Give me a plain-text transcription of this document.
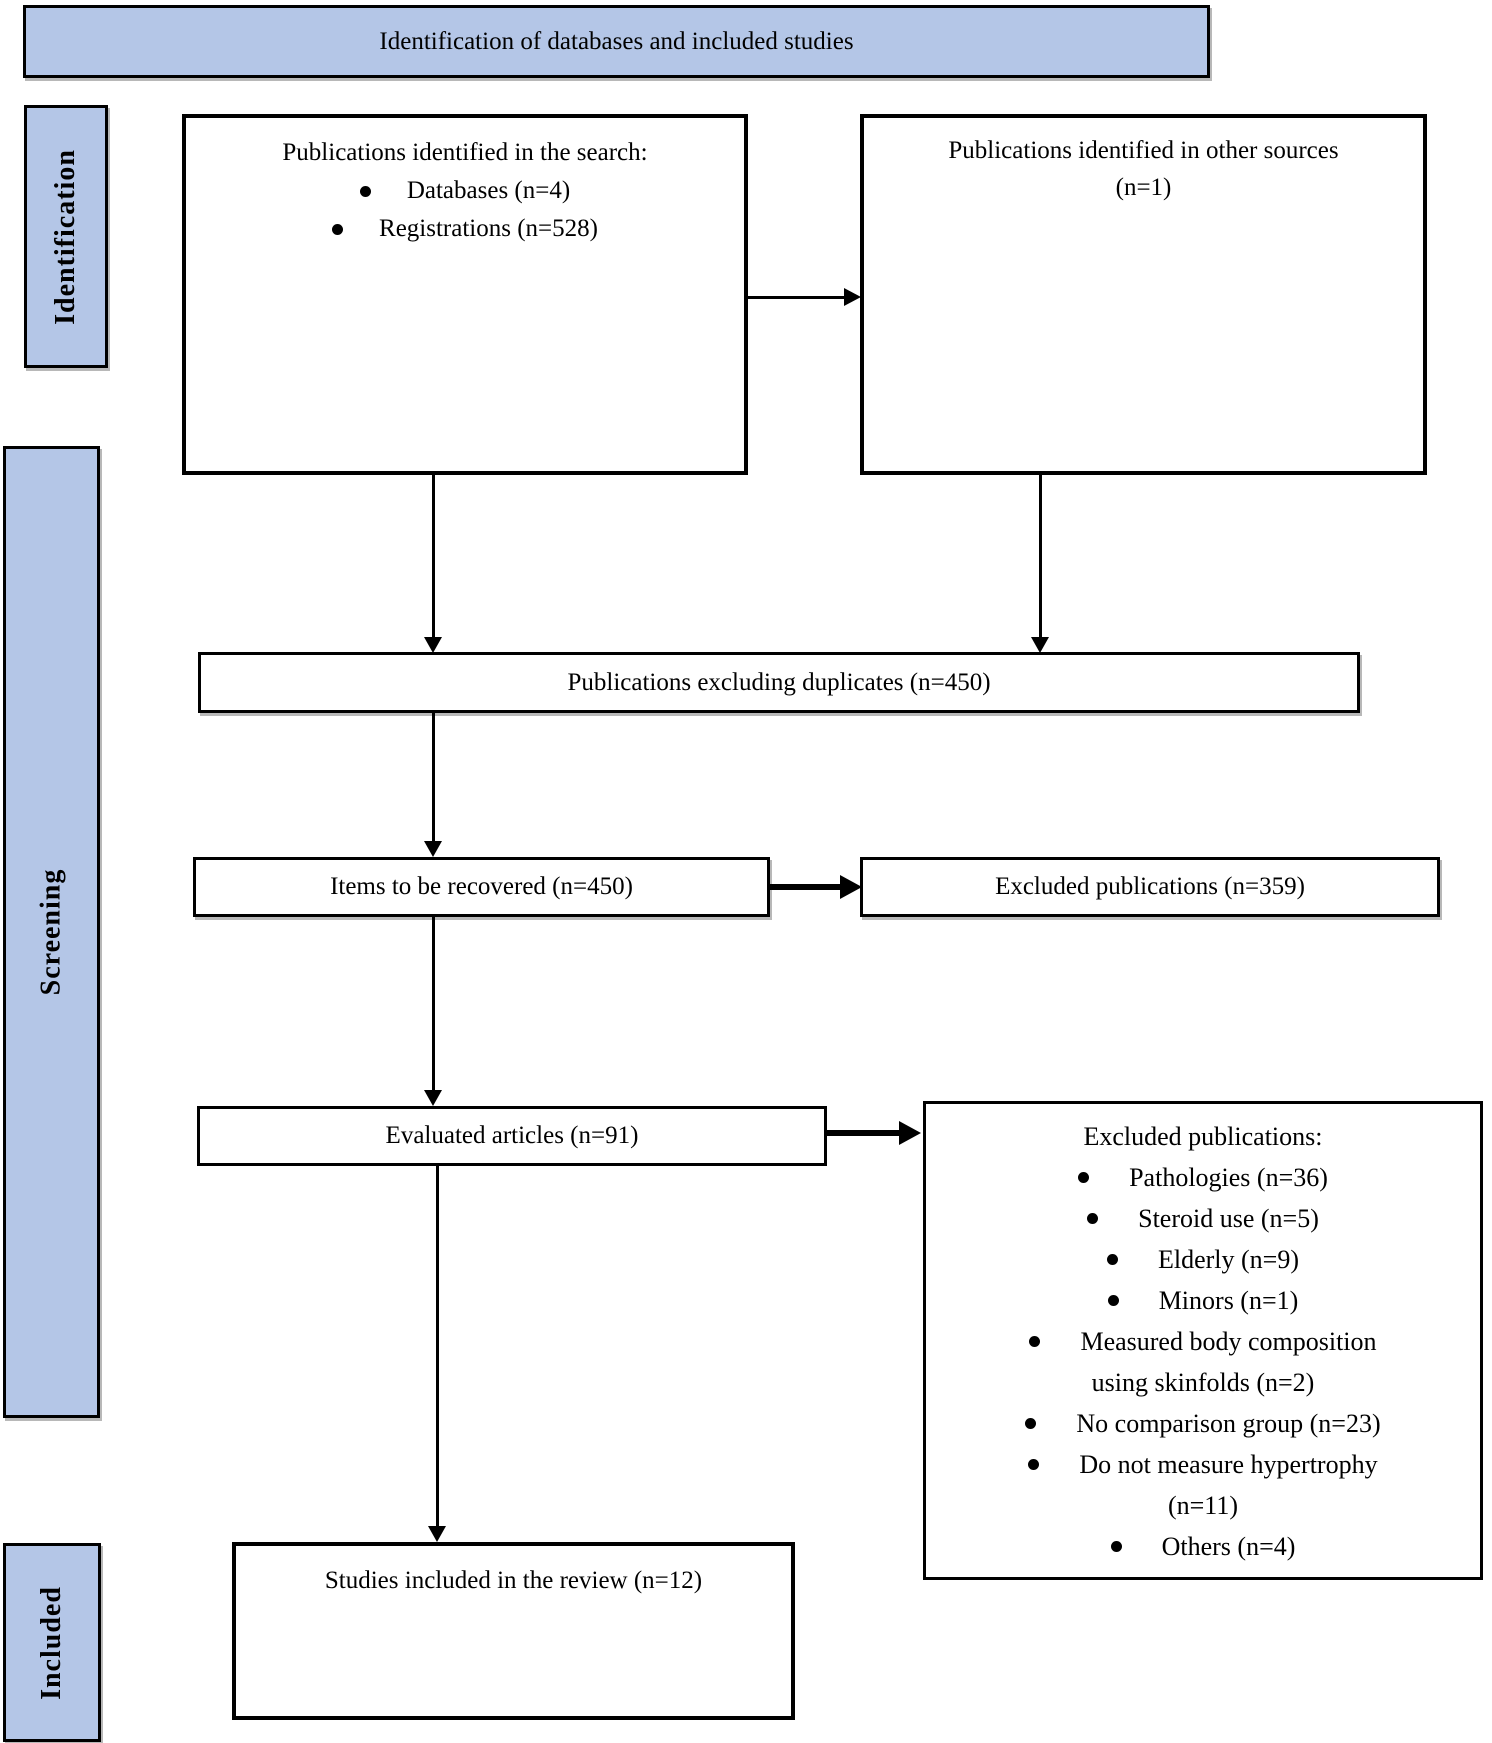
Identification of databases and included studies
Identification
Screening
Included
Publications identified in the search:
Databases (n=4)
Registrations (n=528)
Publications identified in other sources
(n=1)
Publications excluding duplicates (n=450)
Items to be recovered (n=450)	Excluded publications (n=359)
Evaluated articles (n=91)	Excluded publications:
Pathologies (n=36)
Steroid use (n=5)
Elderly (n=9)
Minors (n=1)
Measured body composition
using skinfolds (n=2)
No comparison group (n=23)
Do not measure hypertrophy
(n=11)
Others (n=4)
Studies included in the review (n=12)
